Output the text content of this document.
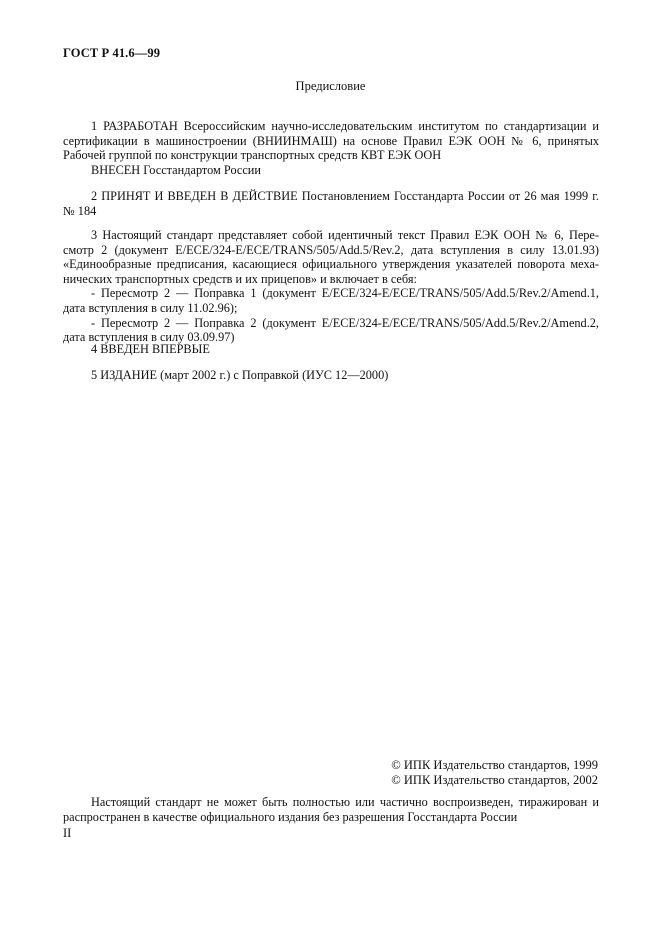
ГОСТ Р 41.6—99
Предисловие
1 РАЗРАБОТАН Всероссийским научно-исследовательским институтом по стандартизации и
сертификации в машиностроении (ВНИИНМАШ) на основе Правил ЕЭК ООН № 6, принятых
Рабочей группой по конструкции транспортных средств КВТ ЕЭК ООН
ВНЕСЕН Госстандартом России
2 ПРИНЯТ И ВВЕДЕН В ДЕЙСТВИЕ Постановлением Госстандарта России от 26 мая 1999 г.
№ 184
3 Настоящий стандарт представляет собой идентичный текст Правил ЕЭК ООН № 6, Пере-
смотр 2 (документ E/ECE/324-E/ECE/TRANS/505/Add.5/Rev.2, дата вступления в силу 13.01.93)
«Единообразные предписания, касающиеся официального утверждения указателей поворота меха-
нических транспортных средств и их прицепов» и включает в себя:
- Пересмотр 2 — Поправка 1 (документ E/ECE/324-E/ECE/TRANS/505/Add.5/Rev.2/Amend.1,
дата вступления в силу 11.02.96);
- Пересмотр 2 — Поправка 2 (документ E/ECE/324-E/ECE/TRANS/505/Add.5/Rev.2/Amend.2,
дата вступления в силу 03.09.97)
4 ВВЕДЕН ВПЕРВЫЕ
5 ИЗДАНИЕ (март 2002 г.) с Поправкой (ИУС 12—2000)
© ИПК Издательство стандартов, 1999
© ИПК Издательство стандартов, 2002
Настоящий стандарт не может быть полностью или частично воспроизведен, тиражирован и
распространен в качестве официального издания без разрешения Госстандарта России
II
